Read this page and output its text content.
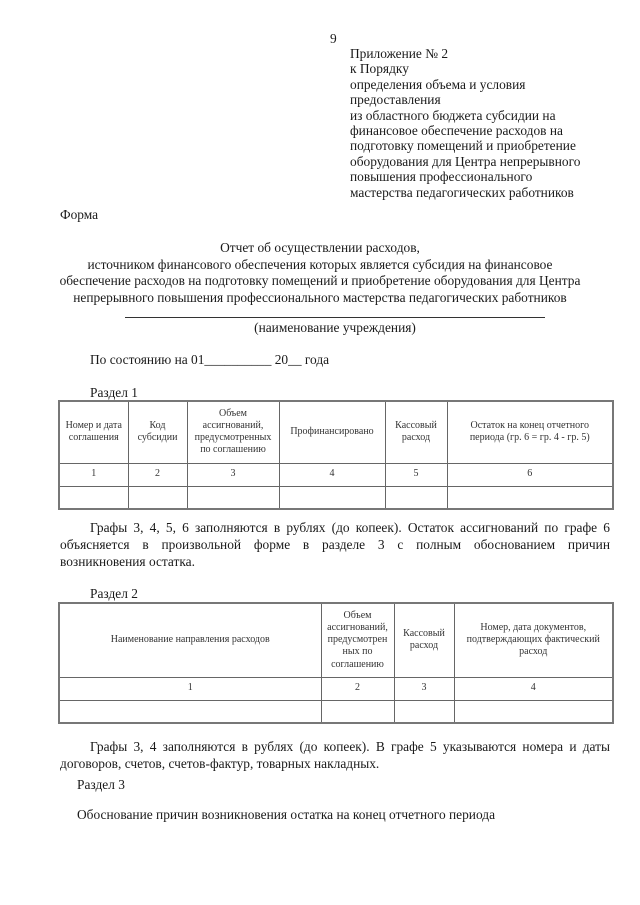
9
Приложение № 2
к Порядку
определения объема и условия
предоставления
из областного бюджета субсидии на
финансовое обеспечение расходов на
подготовку помещений и приобретение
оборудования для Центра непрерывного
повышения профессионального
мастерства педагогических работников
Форма
Отчет об осуществлении расходов,
источником финансового обеспечения которых является субсидия на финансовое
обеспечение расходов на подготовку помещений и приобретение оборудования для Центра
непрерывного повышения профессионального мастерства педагогических работников
(наименование учреждения)
По состоянию на 01__________ 20__ года
Раздел 1
Номер и дата
соглашения	Код
субсидии	Объем
ассигнований,
предусмотренных
по соглашению	Профинансировано	Кассовый
расход	Остаток на конец отчетного
периода (гр. 6 = гр. 4 - гр. 5)
1	2	3	4	5	6

Графы 3, 4, 5, 6 заполняются в рублях (до копеек). Остаток ассигнований по графе 6
объясняется в произвольной форме в разделе 3 с полным обоснованием причин
возникновения остатка.
Раздел 2
Наименование направления расходов	Объем
ассигнований,
предусмотрен
ных по
соглашению	Кассовый
расход	Номер, дата документов,
подтверждающих фактический
расход
1	2	3	4

Графы 3, 4 заполняются в рублях (до копеек). В графе 5 указываются номера и даты
договоров, счетов, счетов-фактур, товарных накладных.
Раздел 3
Обоснование причин возникновения остатка на конец отчетного периода
